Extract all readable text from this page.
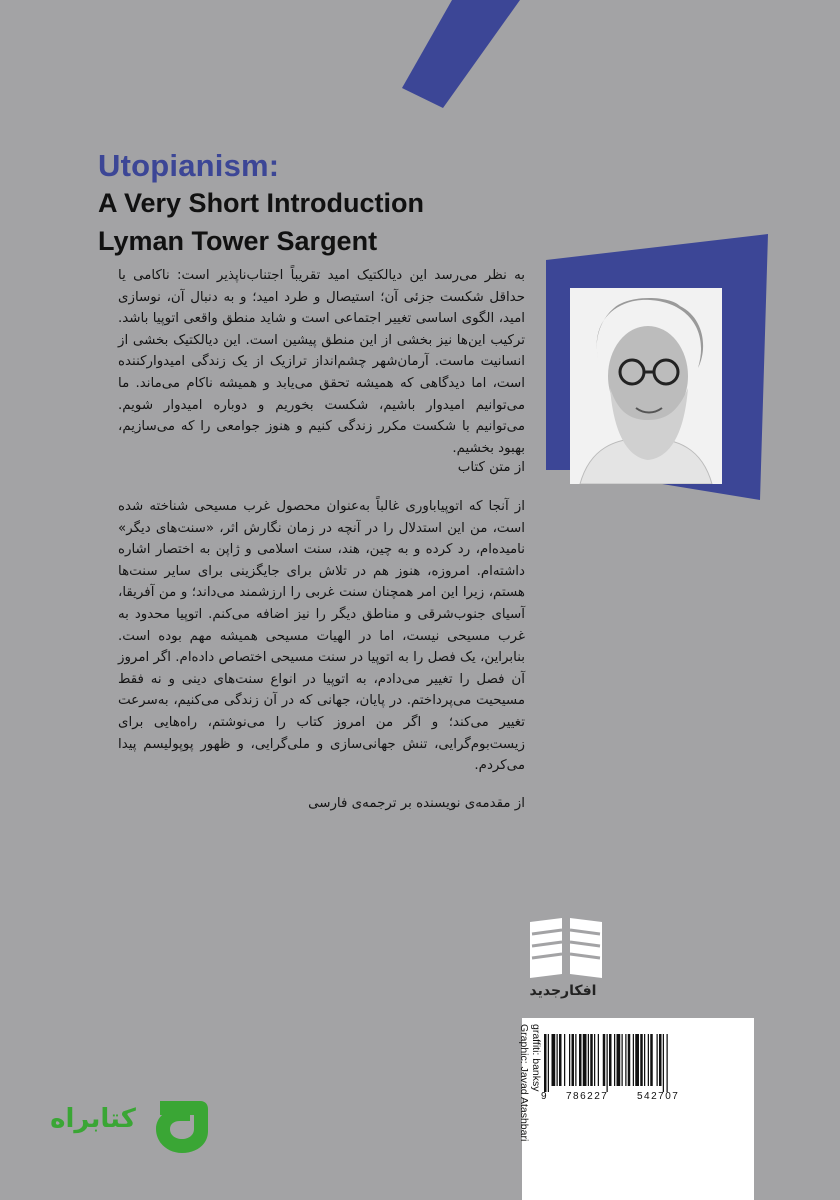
Utopianism:
A Very Short Introduction
Lyman Tower Sargent

به نظر می‌رسد این دیالکتیک امید تقریباً اجتناب‌ناپذیر است: ناکامی یا حداقل شکست جزئی آن؛ استیصال و طرد امید؛ و به دنبال آن، نوسازی امید، الگوی اساسی تغییر اجتماعی است و شاید منطق واقعی اتوپیا باشد. ترکیب این‌ها نیز بخشی از این منطق پیشین است. این دیالکتیک بخشی از انسانیت ماست. آرمان‌شهر چشم‌انداز ترازیک از یک زندگی امیدوارکننده است، اما دیدگاهی که همیشه تحقق می‌یابد و همیشه ناکام می‌ماند. ما می‌توانیم امیدوار باشیم، شکست بخوریم و دوباره امیدوار شویم. می‌توانیم با شکست مکرر زندگی کنیم و هنوز جوامعی را که می‌سازیم، بهبود بخشیم.

از متن کتاب

از آنجا که اتوپیاباوری غالباً به‌عنوان محصول غرب مسیحی شناخته شده است، من این استدلال را در آنچه در زمان نگارش اثر، «سنت‌های دیگر» نامیده‌ام، رد کرده و به چین، هند، سنت اسلامی و ژاپن به اختصار اشاره داشته‌ام. امروزه، هنوز هم در تلاش برای جایگزینی برای سایر سنت‌ها هستم، زیرا این امر همچنان سنت غربی را ارزشمند می‌داند؛ و من آفریقا، آسیای جنوب‌شرقی و مناطق دیگر را نیز اضافه می‌کنم. اتوپیا محدود به غرب مسیحی نیست، اما در الهیات مسیحی همیشه مهم بوده است. بنابراین، یک فصل را به اتوپیا در سنت مسیحی اختصاص داده‌ام. اگر امروز آن فصل را تغییر می‌دادم، به اتوپیا در انواع سنت‌های دینی و نه فقط مسیحیت می‌پرداختم. در پایان، جهانی که در آن زندگی می‌کنیم، به‌سرعت تغییر می‌کند؛ و اگر من امروز کتاب را می‌نوشتم، راه‌هایی برای زیست‌بوم‌گرایی، تنش جهانی‌سازی و ملی‌گرایی، و ظهور پوپولیسم پیدا می‌کردم.

از مقدمه‌ی نویسنده بر ترجمه‌ی فارسی
افکارجدید
graffiti: banksy
Graphic: Javad Atashbari 9 786227	542707
کتابراه
